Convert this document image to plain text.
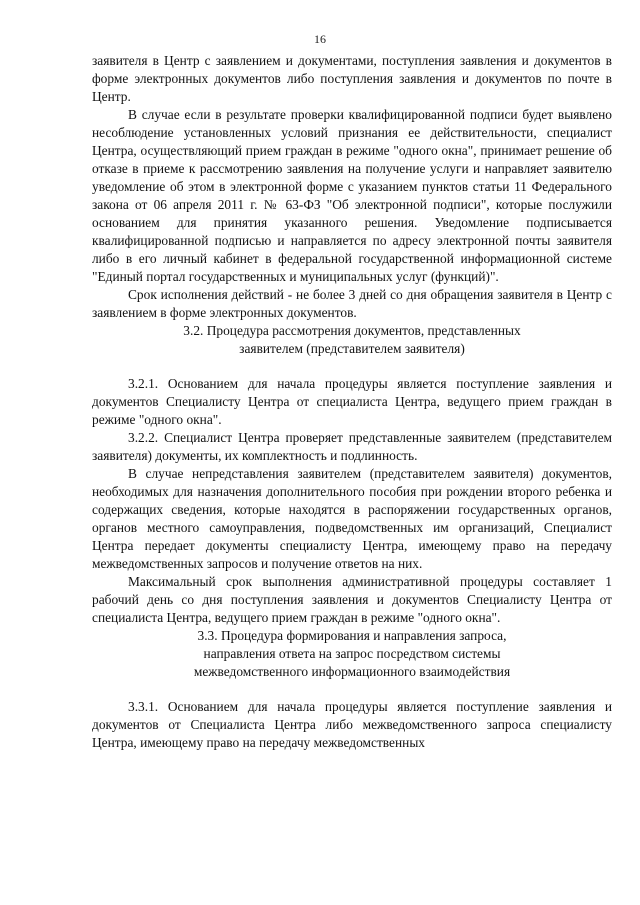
16

заявителя в Центр с заявлением и документами, поступления заявления и документов в форме электронных документов либо поступления заявления и документов по почте в Центр.

В случае если в результате проверки квалифицированной подписи будет выявлено несоблюдение установленных условий признания ее действительности, специалист Центра, осуществляющий прием граждан в режиме "одного окна", принимает решение об отказе в приеме к рассмотрению заявления на получение услуги и направляет заявителю уведомление об этом в электронной форме с указанием пунктов статьи 11 Федерального закона от 06 апреля 2011 г. № 63-ФЗ "Об электронной подписи", которые послужили основанием для принятия указанного решения. Уведомление подписывается квалифицированной подписью и направляется по адресу электронной почты заявителя либо в его личный кабинет в федеральной государственной информационной системе "Единый портал государственных и муниципальных услуг (функций)".

Срок исполнения действий - не более 3 дней со дня обращения заявителя в Центр с заявлением в форме электронных документов.

3.2. Процедура рассмотрения документов, представленных
заявителем (представителем заявителя)

3.2.1. Основанием для начала процедуры является поступление заявления и документов Специалисту Центра от специалиста Центра, ведущего прием граждан в режиме "одного окна".

3.2.2. Специалист Центра проверяет представленные заявителем (представителем заявителя) документы, их комплектность и подлинность.

В случае непредставления заявителем (представителем заявителя) документов, необходимых для назначения дополнительного пособия при рождении второго ребенка и содержащих сведения, которые находятся в распоряжении государственных органов, органов местного самоуправления, подведомственных им организаций, Специалист Центра передает документы специалисту Центра, имеющему право на передачу межведомственных запросов и получение ответов на них.

Максимальный срок выполнения административной процедуры составляет 1 рабочий день со дня поступления заявления и документов Специалисту Центра от специалиста Центра, ведущего прием граждан в режиме "одного окна".

3.3. Процедура формирования и направления запроса,
направления ответа на запрос посредством системы
межведомственного информационного взаимодействия

3.3.1. Основанием для начала процедуры является поступление заявления и документов от Специалиста Центра либо межведомственного запроса специалисту Центра, имеющему право на передачу межведомственных
